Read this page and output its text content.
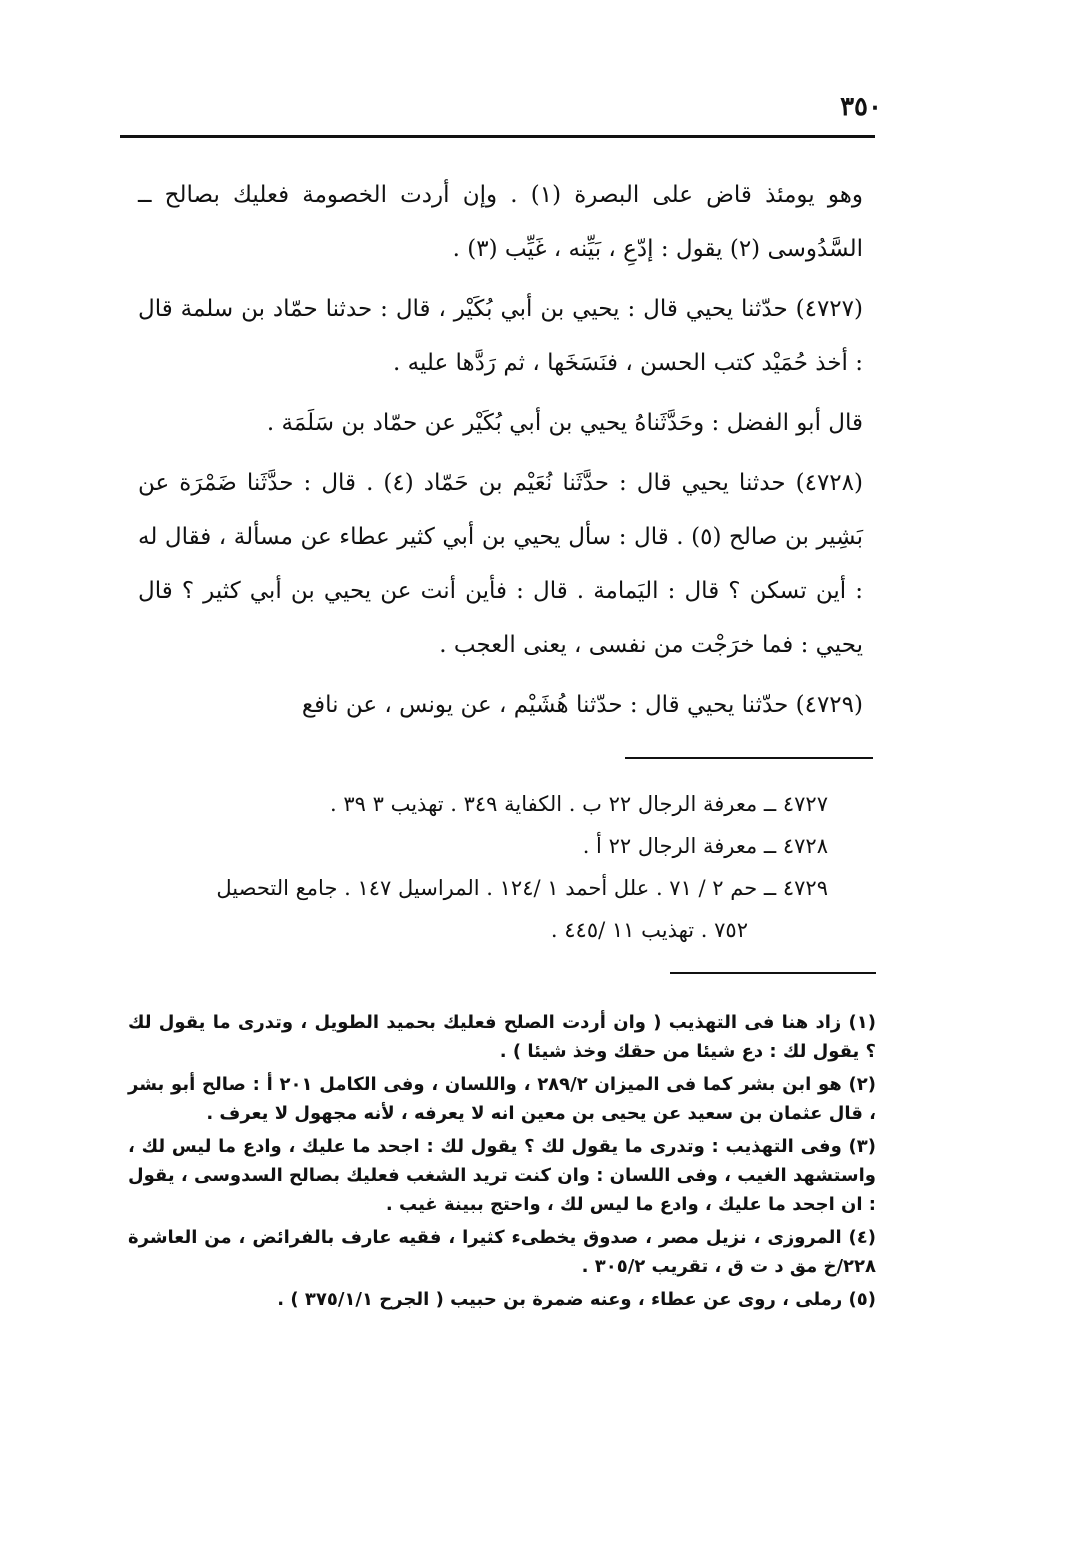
٣٥٠

وهو يومئذ قاض على البصرة (١) . وإن أردت الخصومة فعليك بصالح ــ السَّدُوسى (٢) يقول : إدّعِ ، بَيِّنه ، غَيِّب (٣) .

(٤٧٢٧) حدّثنا يحيي قال : يحيي بن أبي بُكَيْر ، قال : حدثنا حمّاد بن سلمة قال : أخذ حُمَيْد كتب الحسن ، فنَسَخَها ، ثم رَدَّها عليه .

قال أبو الفضل : وحَدَّثَناهُ يحيي بن أبي بُكَيْر عن حمّاد بن سَلَمَة .

(٤٧٢٨) حدثنا يحيي قال : حدَّثَنا نُعَيْم بن حَمّاد (٤) . قال : حدَّثَنا ضَمْرَة عن بَشِير بن صالح (٥) . قال : سأل يحيي بن أبي كثير عطاء عن مسألة ، فقال له : أين تسكن ؟ قال : اليَمامة . قال : فأين أنت عن يحيي بن أبي كثير ؟ قال يحيي : فما خرَجْت من نفسى ، يعنى العجب .

(٤٧٢٩) حدّثنا يحيي قال : حدّثنا هُشَيْم ، عن يونس ، عن نافع

٤٧٢٧ ــ معرفة الرجال ٢٢ ب . الكفاية ٣٤٩ . تهذيب ٣ ٣٩ .

٤٧٢٨ ــ معرفة الرجال ٢٢ أ .

٤٧٢٩ ــ حم ٢ / ٧١ . علل أحمد ١ /١٢٤ . المراسيل ١٤٧ . جامع التحصيل

٧٥٢ . تهذيب ١١ /٤٤٥ .

(١) زاد هنا فى التهذيب ( وان أردت الصلح فعليك بحميد الطويل ، وتدرى ما يقول لك ؟ يقول لك : دع شيئا من حقك وخذ شيئا ) .

(٢) هو ابن بشر كما فى الميزان ٢٨٩/٢ ، واللسان ، وفى الكامل ٢٠١ أ : صالح أبو بشر ، قال عثمان بن سعيد عن يحيى بن معين انه لا يعرفه ، لأنه مجهول لا يعرف .

(٣) وفى التهذيب : وتدرى ما يقول لك ؟ يقول لك : اجحد ما عليك ، وادع ما ليس لك ، واستشهد الغيب ، وفى اللسان : وان كنت تريد الشغب فعليك بصالح السدوسى ، يقول : ان اجحد ما عليك ، وادع ما ليس لك ، واحتج ببينة غيب .

(٤) المروزى ، نزيل مصر ، صدوق يخطىء كثيرا ، فقيه عارف بالفرائض ، من العاشرة ٢٢٨/خ مق د ت ق ، تقريب ٣٠٥/٢ .

(٥) رملى ، روى عن عطاء ، وعنه ضمرة بن حبيب ( الجرح ٣٧٥/١/١ ) .
